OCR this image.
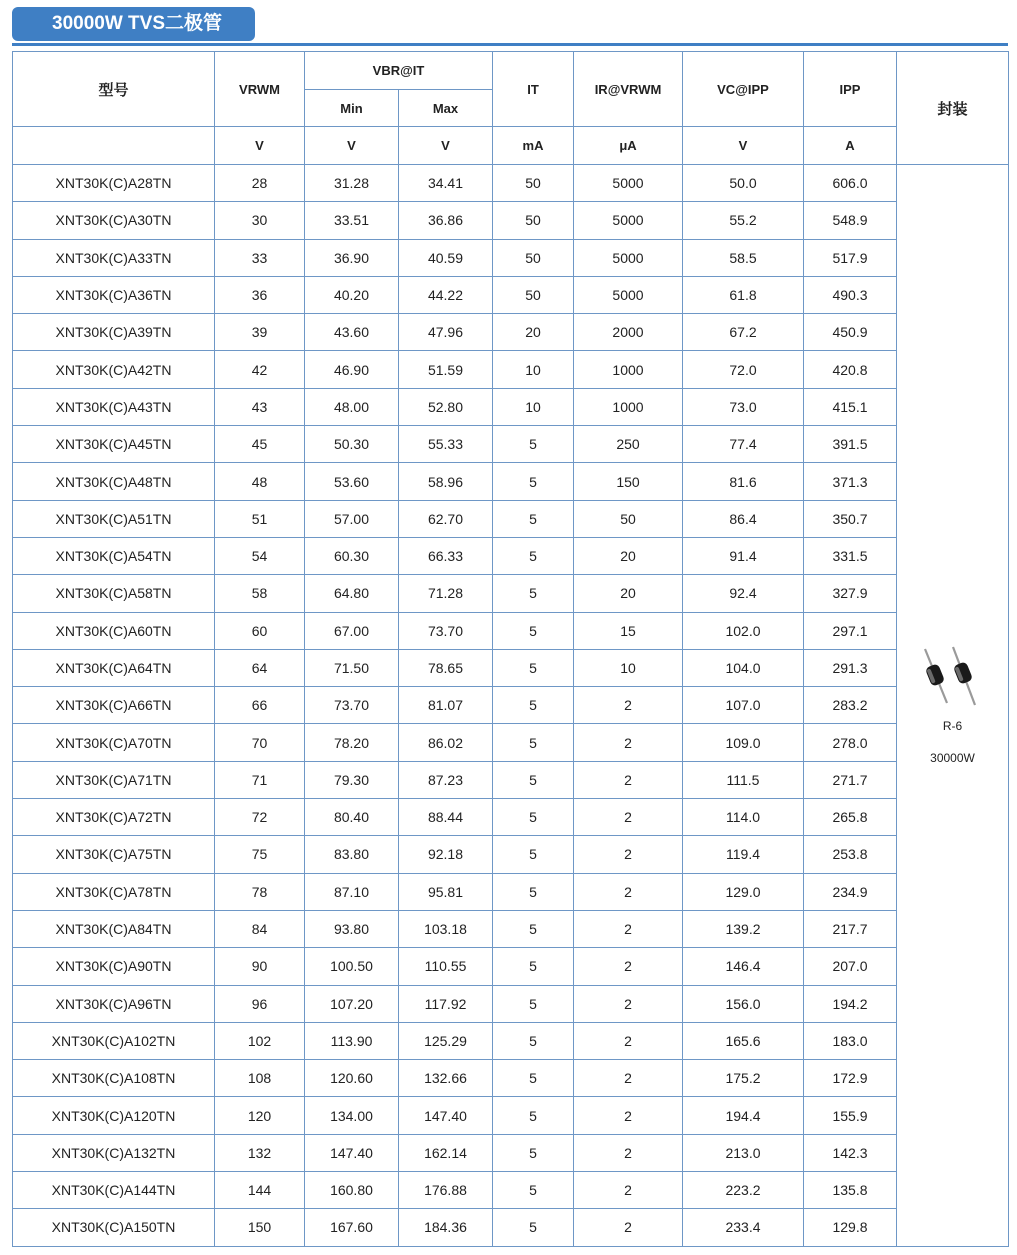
30000W TVS二极管
型号	VRWM	VBR@IT		IT	IR@VRWM	VC@IPP	IPP	封装
		Min	Max					
	V	V	V	mA	μA	V	A	
XNT30K(C)A28TN	28	31.28	34.41	50	5000	50.0	606.0	R-6
30000W

XNT30K(C)A30TN	30	33.51	36.86	50	5000	55.2	548.9	
XNT30K(C)A33TN	33	36.90	40.59	50	5000	58.5	517.9	
XNT30K(C)A36TN	36	40.20	44.22	50	5000	61.8	490.3	
XNT30K(C)A39TN	39	43.60	47.96	20	2000	67.2	450.9	
XNT30K(C)A42TN	42	46.90	51.59	10	1000	72.0	420.8	
XNT30K(C)A43TN	43	48.00	52.80	10	1000	73.0	415.1	
XNT30K(C)A45TN	45	50.30	55.33	5	250	77.4	391.5	
XNT30K(C)A48TN	48	53.60	58.96	5	150	81.6	371.3	
XNT30K(C)A51TN	51	57.00	62.70	5	50	86.4	350.7	
XNT30K(C)A54TN	54	60.30	66.33	5	20	91.4	331.5	
XNT30K(C)A58TN	58	64.80	71.28	5	20	92.4	327.9	
XNT30K(C)A60TN	60	67.00	73.70	5	15	102.0	297.1	
XNT30K(C)A64TN	64	71.50	78.65	5	10	104.0	291.3	
XNT30K(C)A66TN	66	73.70	81.07	5	2	107.0	283.2	
XNT30K(C)A70TN	70	78.20	86.02	5	2	109.0	278.0	
XNT30K(C)A71TN	71	79.30	87.23	5	2	111.5	271.7	
XNT30K(C)A72TN	72	80.40	88.44	5	2	114.0	265.8	
XNT30K(C)A75TN	75	83.80	92.18	5	2	119.4	253.8	
XNT30K(C)A78TN	78	87.10	95.81	5	2	129.0	234.9	
XNT30K(C)A84TN	84	93.80	103.18	5	2	139.2	217.7	
XNT30K(C)A90TN	90	100.50	110.55	5	2	146.4	207.0	
XNT30K(C)A96TN	96	107.20	117.92	5	2	156.0	194.2	
XNT30K(C)A102TN	102	113.90	125.29	5	2	165.6	183.0	
XNT30K(C)A108TN	108	120.60	132.66	5	2	175.2	172.9	
XNT30K(C)A120TN	120	134.00	147.40	5	2	194.4	155.9	
XNT30K(C)A132TN	132	147.40	162.14	5	2	213.0	142.3	
XNT30K(C)A144TN	144	160.80	176.88	5	2	223.2	135.8	
XNT30K(C)A150TN	150	167.60	184.36	5	2	233.4	129.8	
